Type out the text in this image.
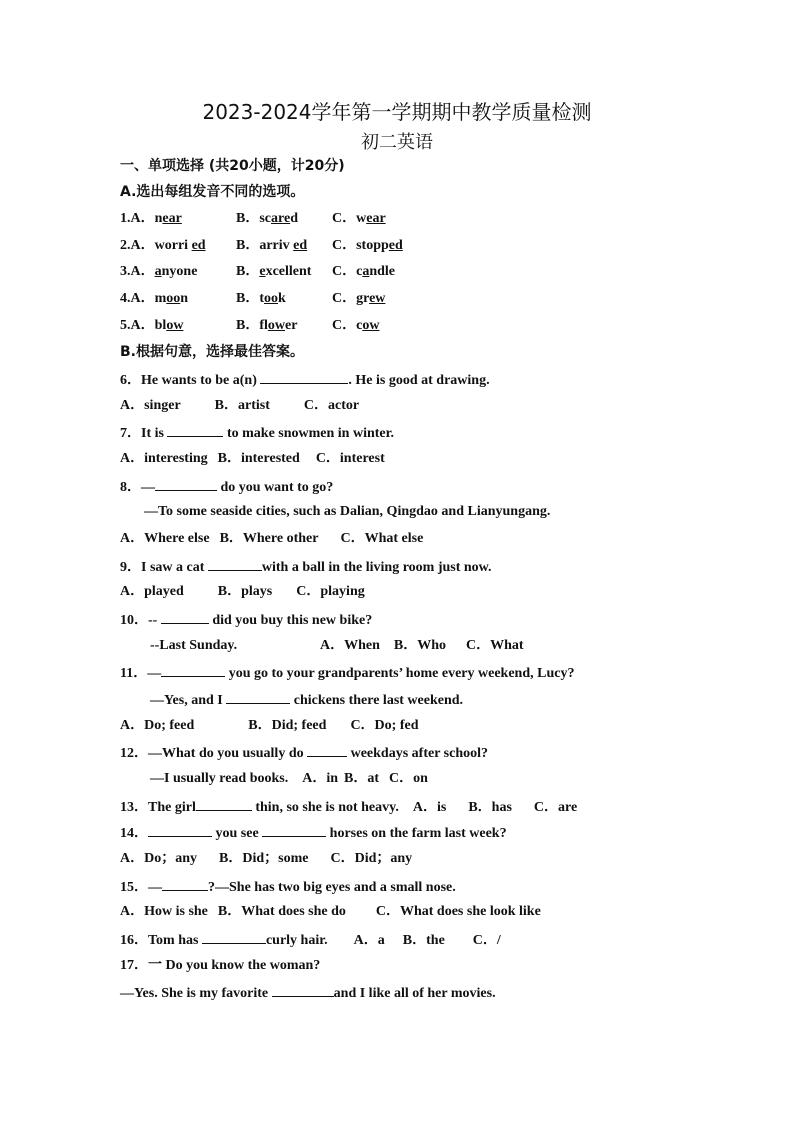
2023-2024学年第一学期期中教学质量检测
初二英语
一、单项选择 (共20小题，计20分)
A.选出每组发音不同的选项。
1.A．near	B．scared C．wear
2.A．worri ed B．arriv ed C．stopped
3.A．anyone	B．excellent C．candle
4.A．moon	B．took	C．grew
5.A．blow	B．flower C．cow
B.根据句意，选择最佳答案。
6．He wants to be a(n)	. He is good at drawing.
A．singer B．artist C．actor
7．It is	to make snowmen in winter.
A．interesting B．interested C．interest
8．—	do you want to go?
—To some seaside cities, such as Dalian, Qingdao and Lianyungang.
A．Where else B．Where other C．What else
9．I saw a cat	with a ball in the living room just now.
A．played B．plays C．playing
10．--	did you buy this new bike?
--Last Sunday.	A．When B．Who C．What
11．—	you go to your grandparents’ home every weekend, Lucy?
—Yes, and I	chickens there last weekend.
A．Do; feed	B．Did; feed C．Do; fed
12．—What do you usually do	weekdays after school?
—I usually read books. A．in B．at C．on
13．The girl	thin, so she is not heavy. A．is B．has C．are
14．	you see	horses on the farm last week?
A．Do；any B．Did；some C．Did；any
15．—	?—She has two big eyes and a small nose.
A．How is she B．What does she do C．What does she look like
16．Tom has	curly hair. A．a B．the C．/
17．一 Do you know the woman?
—Yes. She is my favorite	and I like all of her movies.
